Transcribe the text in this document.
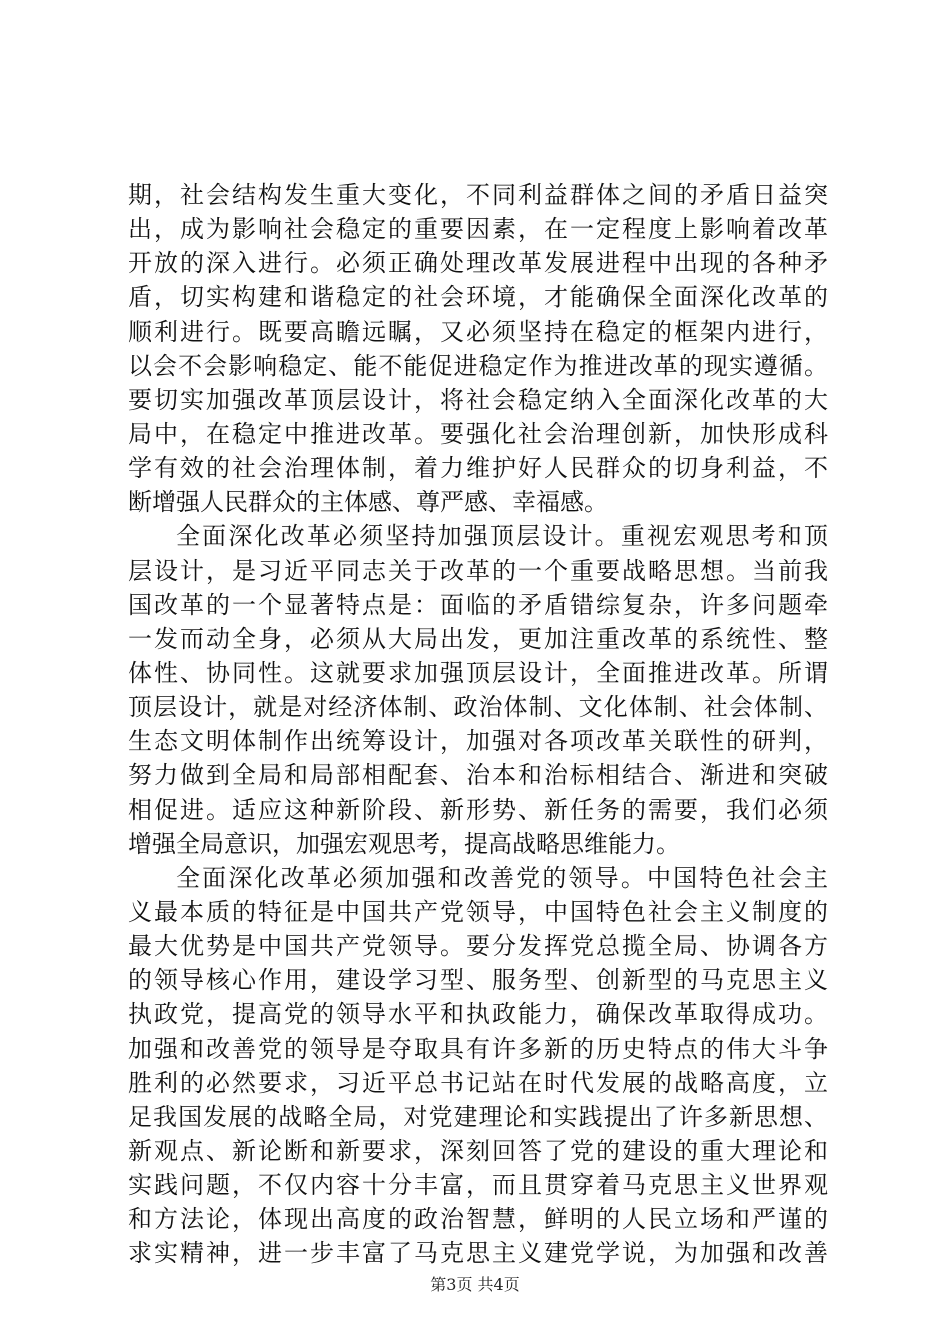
期，社会结构发生重大变化，不同利益群体之间的矛盾日益突
出，成为影响社会稳定的重要因素，在一定程度上影响着改革
开放的深入进行。必须正确处理改革发展进程中出现的各种矛
盾，切实构建和谐稳定的社会环境，才能确保全面深化改革的
顺利进行。既要高瞻远瞩，又必须坚持在稳定的框架内进行，
以会不会影响稳定、能不能促进稳定作为推进改革的现实遵循。
要切实加强改革顶层设计，将社会稳定纳入全面深化改革的大
局中，在稳定中推进改革。要强化社会治理创新，加快形成科
学有效的社会治理体制，着力维护好人民群众的切身利益，不
断增强人民群众的主体感、尊严感、幸福感。
全面深化改革必须坚持加强顶层设计。重视宏观思考和顶
层设计，是习近平同志关于改革的一个重要战略思想。当前我
国改革的一个显著特点是：面临的矛盾错综复杂，许多问题牵
一发而动全身，必须从大局出发，更加注重改革的系统性、整
体性、协同性。这就要求加强顶层设计，全面推进改革。所谓
顶层设计，就是对经济体制、政治体制、文化体制、社会体制、
生态文明体制作出统筹设计，加强对各项改革关联性的研判，
努力做到全局和局部相配套、治本和治标相结合、渐进和突破
相促进。适应这种新阶段、新形势、新任务的需要，我们必须
增强全局意识，加强宏观思考，提高战略思维能力。
全面深化改革必须加强和改善党的领导。中国特色社会主
义最本质的特征是中国共产党领导，中国特色社会主义制度的
最大优势是中国共产党领导。要分发挥党总揽全局、协调各方
的领导核心作用，建设学习型、服务型、创新型的马克思主义
执政党，提高党的领导水平和执政能力，确保改革取得成功。
加强和改善党的领导是夺取具有许多新的历史特点的伟大斗争
胜利的必然要求，习近平总书记站在时代发展的战略高度，立
足我国发展的战略全局，对党建理论和实践提出了许多新思想、
新观点、新论断和新要求，深刻回答了党的建设的重大理论和
实践问题，不仅内容十分丰富，而且贯穿着马克思主义世界观
和方法论，体现出高度的政治智慧，鲜明的人民立场和严谨的
求实精神，进一步丰富了马克思主义建党学说，为加强和改善
第3页 共4页
